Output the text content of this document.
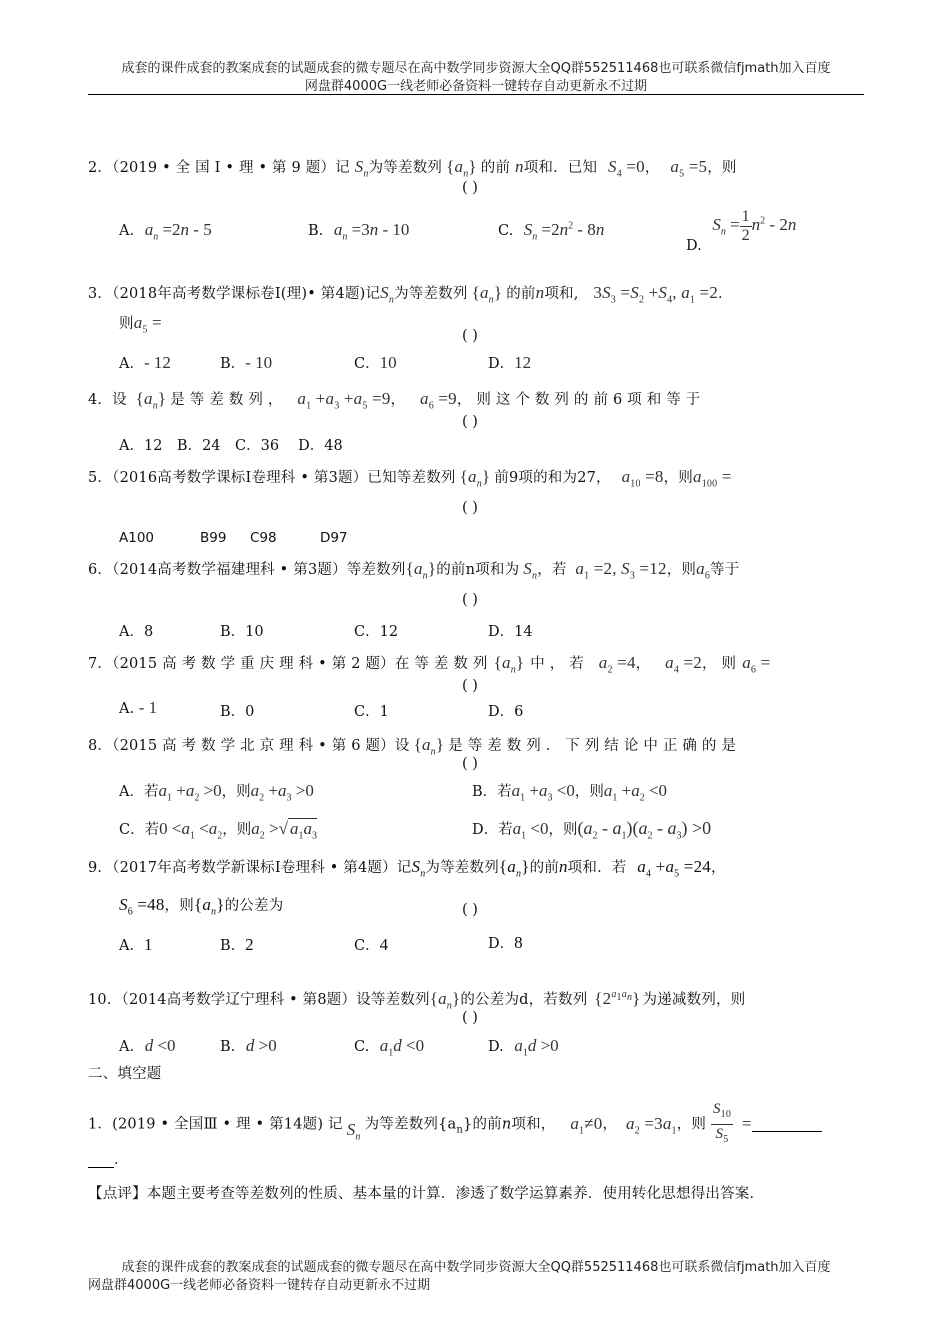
成套的课件成套的教案成套的试题成套的微专题尽在高中数学同步资源大全QQ群552511468也可联系微信fjmath加入百度
网盘群4000G一线老师必备资料一键转存自动更新永不过期
2．（2019 • 全 国 Ⅰ • 理 • 第 9 题）记 $S_n$为等差数列 $\{a_n\}$ 的前 n项和．已知 $S_4 =0$， $a_5 =5$，则
( )
A. $a_n =2n - 5$	B. $a_n =3n - 10$	C. $S_n =2n^2 - 8n$
D. $S_n = \frac{1}{2} n^2 - 2n$
3．（2018年高考数学课标卷Ⅰ(理)• 第4题)记$S_n$为等差数列 $\{a_n\}$ 的前n项和, $3S_3 =S_2 +S_4$, $a_1 =2$．
则$a_5$ =
( )
A．- 12	B．- 10	C．10	D．12
4．设 $\{a_n\}$ 是 等 差 数 列 ， $a_1 +a_3 +a_5 =9$， $a_6 =9$， 则 这 个 数 列 的 前 6 项 和 等 于
( )
A．12　B．24　C．36　 D．48
5．（2016高考数学课标Ⅰ卷理科 • 第3题）已知等差数列 $\{a_n\}$ 前9项的和为27， $a_{10} =8$，则$a_{100}$ =
( )
A100	B99 C98	D97
6．（2014高考数学福建理科 • 第3题）等差数列$\{a_n\}$的前n项和为 $S_n$，若 $a_1 =2$, $S_3 =12$，则$a_6$等于
( )
A．8	B．10	C．12	D．14
7．（2015 高 考 数 学 重 庆 理 科 • 第 2 题）在 等 差 数 列 $\{a_n\}$ 中 ， 若 $a_2 =4$， $a_4 =2$， 则 $a_6$ =
( )
A. - 1	B．0	C．1	D．6
8．（2015 高 考 数 学 北 京 理 科 • 第 6 题）设 $\{a_n\}$ 是 等 差 数 列 ． 下 列 结 论 中 正 确 的 是
( )
A．若$a_1 +a_2 >0$，则$a_2 +a_3 >0$	B．若$a_1 +a_3 <0$，则$a_1 +a_2 <0$
C．若$0 <a_1 <a_2$，则$a_2$ >√ $a_1a_3$	D．若$a_1 <0$，则$(a_2 - a_1)(a_2 - a_3) >0$
9．（2017年高考数学新课标Ⅰ卷理科 • 第4题）记$S_n$为等差数列$\{a_n\}$的前n项和．若 $a_4 +a_5 =24$，
$S_6 =48$，则$\{a_n\}$的公差为	( )
A．1	B．2	C．4	D．8
10．（2014高考数学辽宁理科 • 第8题）设等差数列$\{a_n\}$的公差为d，若数列 $\{2^{a_1a_n}\}$ 为递减数列，则
( )
A. d <0	B. d >0	C. $a_1d <0$	D. $a_1d >0$
二、填空题
1．(2019 • 全国Ⅲ • 理 • 第14题) 记 $S_n$为等差数列$\{a_n\}$的前n项和， $a_1\ne 0$， $a_2 =3a_1$，则 $\frac{S_{10}}{S_5}$ =
．
【点评】本题主要考查等差数列的性质、基本量的计算．渗透了数学运算素养．使用转化思想得出答案．
成套的课件成套的教案成套的试题成套的微专题尽在高中数学同步资源大全QQ群552511468也可联系微信fjmath加入百度
网盘群4000G一线老师必备资料一键转存自动更新永不过期
